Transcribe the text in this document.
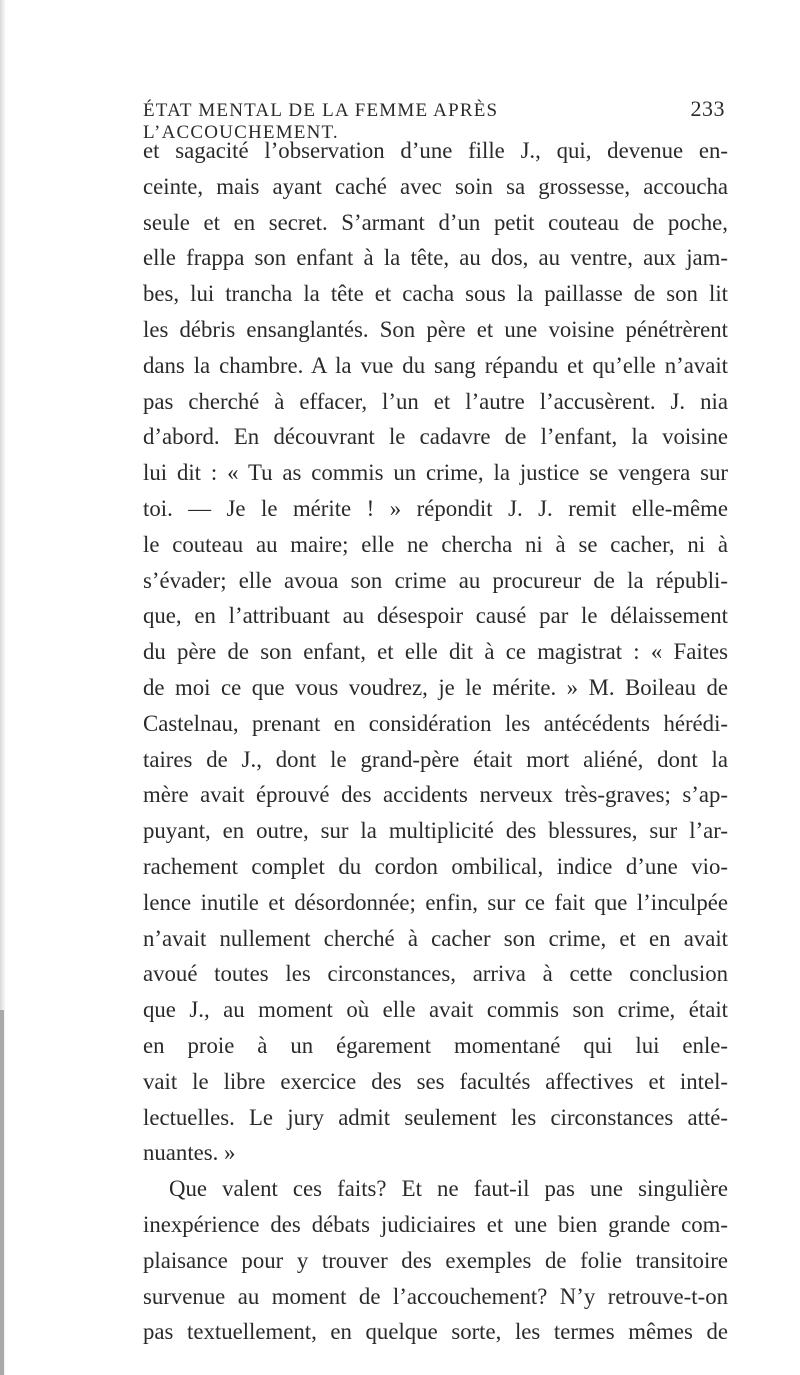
ÉTAT MENTAL DE LA FEMME APRÈS L’ACCOUCHEMENT.
233
et sagacité l’observation d’une fille J., qui, devenue en-
ceinte, mais ayant caché avec soin sa grossesse, accoucha
seule et en secret. S’armant d’un petit couteau de poche,
elle frappa son enfant à la tête, au dos, au ventre, aux jam-
bes, lui trancha la tête et cacha sous la paillasse de son lit
les débris ensanglantés. Son père et une voisine pénétrèrent
dans la chambre. A la vue du sang répandu et qu’elle n’avait
pas cherché à effacer, l’un et l’autre l’accusèrent. J. nia
d’abord. En découvrant le cadavre de l’enfant, la voisine
lui dit : « Tu as commis un crime, la justice se vengera sur
toi. — Je le mérite ! » répondit J. J. remit elle-même
le couteau au maire; elle ne chercha ni à se cacher, ni à
s’évader; elle avoua son crime au procureur de la républi-
que, en l’attribuant au désespoir causé par le délaissement
du père de son enfant, et elle dit à ce magistrat : « Faites
de moi ce que vous voudrez, je le mérite. » M. Boileau de
Castelnau, prenant en considération les antécédents hérédi-
taires de J., dont le grand-père était mort aliéné, dont la
mère avait éprouvé des accidents nerveux très-graves; s’ap-
puyant, en outre, sur la multiplicité des blessures, sur l’ar-
rachement complet du cordon ombilical, indice d’une vio-
lence inutile et désordonnée; enfin, sur ce fait que l’inculpée
n’avait nullement cherché à cacher son crime, et en avait
avoué toutes les circonstances, arriva à cette conclusion
que J., au moment où elle avait commis son crime, était
en proie à un égarement momentané qui lui enle-
vait le libre exercice des ses facultés affectives et intel-
lectuelles. Le jury admit seulement les circonstances atté-
nuantes. »
Que valent ces faits? Et ne faut-il pas une singulière
inexpérience des débats judiciaires et une bien grande com-
plaisance pour y trouver des exemples de folie transitoire
survenue au moment de l’accouchement? N’y retrouve-t-on
pas textuellement, en quelque sorte, les termes mêmes de
